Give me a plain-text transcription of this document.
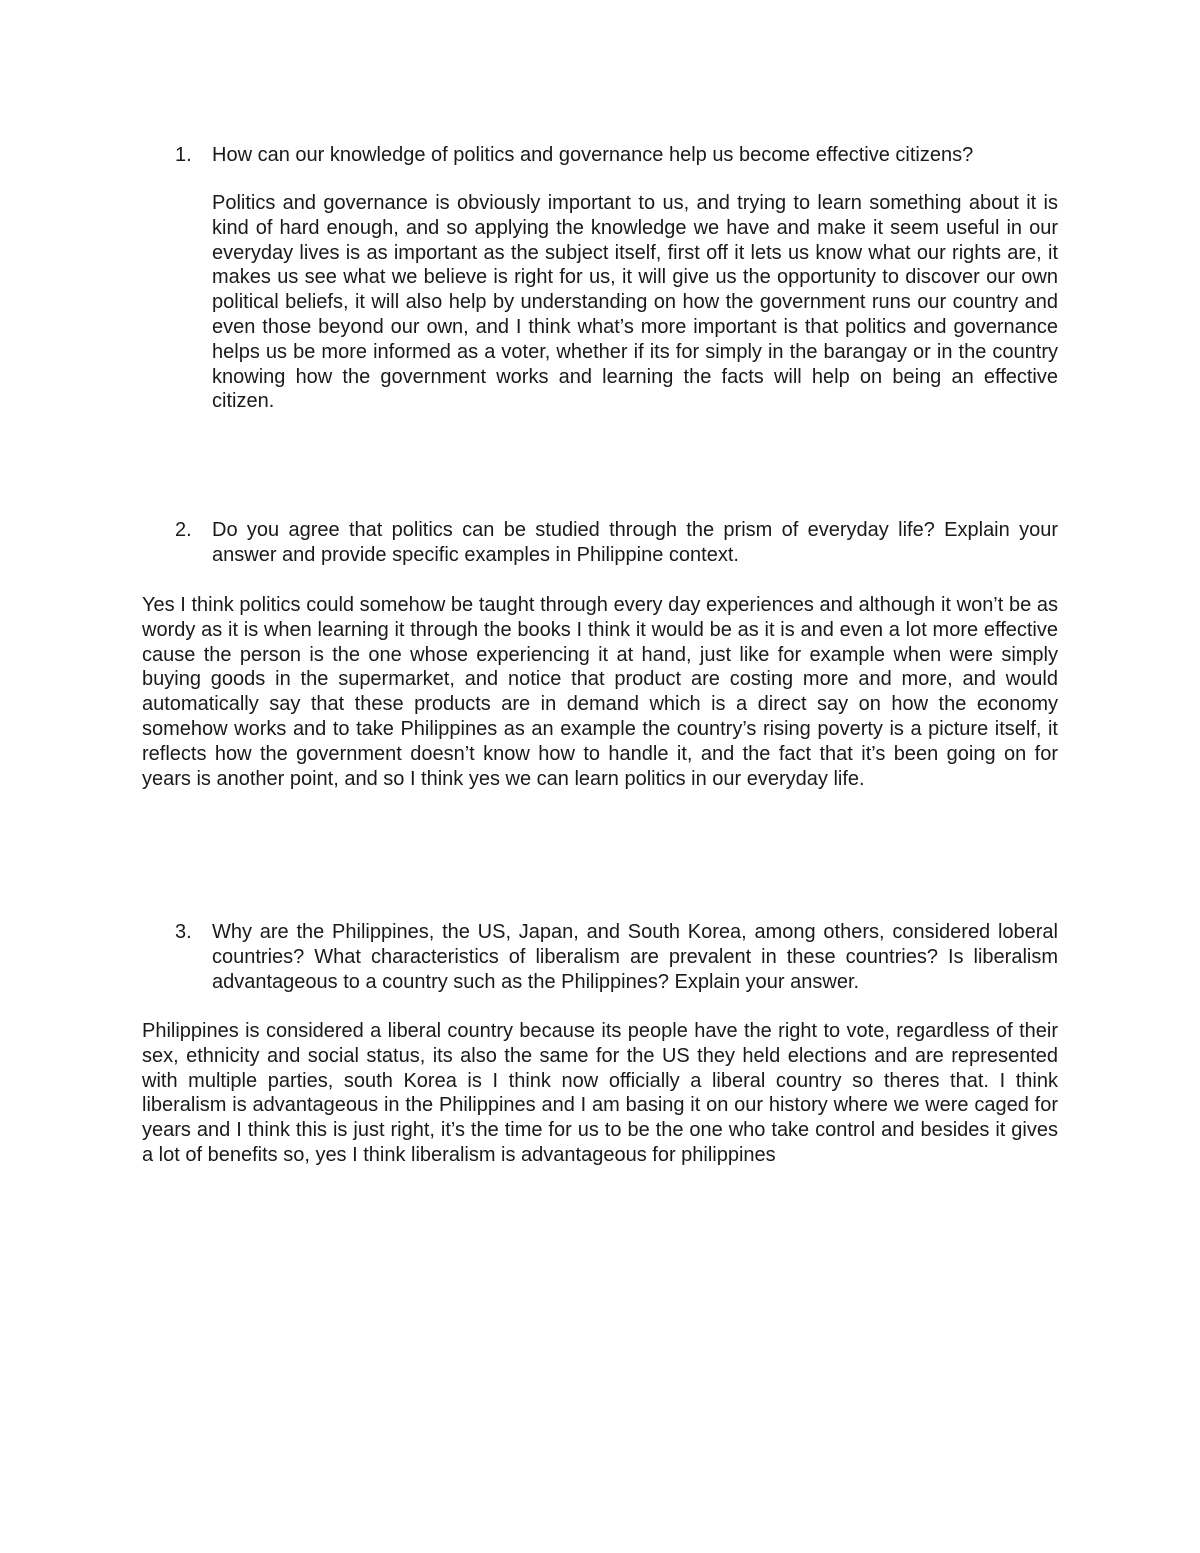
1.	How can our knowledge of politics and governance help us become effective citizens?
Politics and governance is obviously important to us, and trying to learn something about it is kind of hard enough, and so applying the knowledge we have and make it seem useful in our everyday lives is as important as the subject itself, first off it lets us know what our rights are, it makes us see what we believe is right for us, it will give us the opportunity to discover our own political beliefs, it will also help by understanding on how the government runs our country and even those beyond our own, and I think what’s more important is that politics and governance helps us be more informed as a voter, whether if its for simply in the barangay or in the country knowing how the government works and learning the facts will help on being an effective citizen.
2.	Do you agree that politics can be studied through the prism of everyday life? Explain your answer and provide specific examples in Philippine context.
Yes I think politics could somehow be taught through every day experiences and although it won’t be as wordy as it is when learning it through the books I think it would be as it is and even a lot more effective cause the person is the one whose experiencing it at hand, just like for example when were simply buying goods in the supermarket, and notice that product are costing more and more, and would automatically say that these products are in demand which is a direct say on how the economy somehow works and to take Philippines as an example the country’s rising poverty is a picture itself, it reflects how the government doesn’t know how to handle it, and the fact that it’s been going on for years is another point, and so I think yes we can learn politics in our everyday life.
3.	Why are the Philippines, the US, Japan, and South Korea, among others, considered loberal countries? What characteristics of liberalism are prevalent in these countries? Is liberalism advantageous to a country such as the Philippines? Explain your answer.
Philippines is considered a liberal country because its people have the right to vote, regardless of their sex, ethnicity and social status, its also the same for the US they held elections and are represented with multiple parties, south Korea is I think now officially a liberal country so theres that. I think liberalism is advantageous in the Philippines and I am basing it on our history where we were caged for years and I think this is just right, it’s the time for us to be the one who take control and besides it gives a lot of benefits so, yes I think liberalism is advantageous for philippines
